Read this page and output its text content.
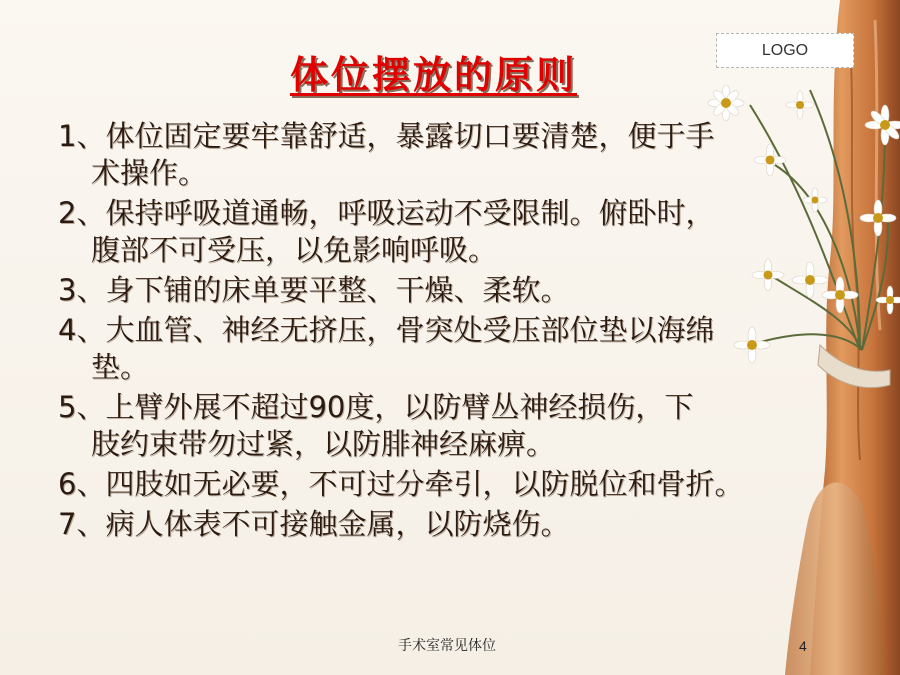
体位摆放的原则
LOGO

1、体位固定要牢靠舒适，暴露切口要清楚，便于手
术操作。

2、保持呼吸道通畅，呼吸运动不受限制。俯卧时，
腹部不可受压，以免影响呼吸。

3、身下铺的床单要平整、干燥、柔软。

4、大血管、神经无挤压，骨突处受压部位垫以海绵
垫。

5、上臂外展不超过90度，以防臂丛神经损伤，下
肢约束带勿过紧，以防腓神经麻痹。

6、四肢如无必要，不可过分牵引，以防脱位和骨折。

7、病人体表不可接触金属，以防烧伤。

手术室常见体位	4
